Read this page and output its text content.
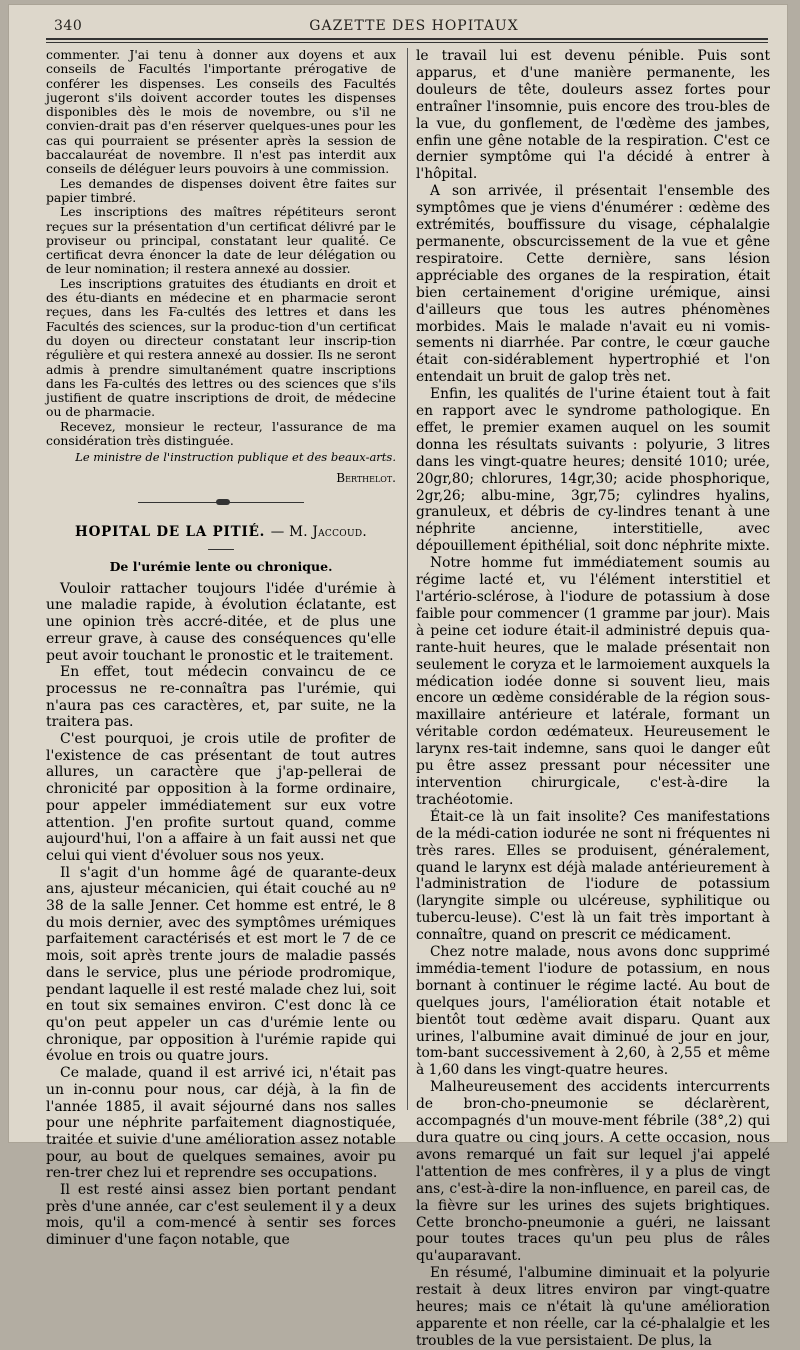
340	GAZETTE DES HOPITAUX

commenter. J'ai tenu à donner aux doyens et aux conseils de Facultés l'importante prérogative de conférer les dispenses. Les conseils des Facultés jugeront s'ils doivent accorder toutes les dispenses disponibles dès le mois de novembre, ou s'il ne convien-drait pas d'en réserver quelques-unes pour les cas qui pourraient se présenter après la session de baccalauréat de novembre. Il n'est pas interdit aux conseils de déléguer leurs pouvoirs à une commission.

Les demandes de dispenses doivent être faites sur papier timbré.

Les inscriptions des maîtres répétiteurs seront reçues sur la présentation d'un certificat délivré par le proviseur ou principal, constatant leur qualité. Ce certificat devra énoncer la date de leur délégation ou de leur nomination; il restera annexé au dossier.

Les inscriptions gratuites des étudiants en droit et des étu-diants en médecine et en pharmacie seront reçues, dans les Fa-cultés des lettres et dans les Facultés des sciences, sur la produc-tion d'un certificat du doyen ou directeur constatant leur inscrip-tion régulière et qui restera annexé au dossier. Ils ne seront admis à prendre simultanément quatre inscriptions dans les Fa-cultés des lettres ou des sciences que s'ils justifient de quatre inscriptions de droit, de médecine ou de pharmacie.

Recevez, monsieur le recteur, l'assurance de ma considération très distinguée.

Le ministre de l'instruction publique et des beaux-arts.
Berthelot.
HOPITAL DE LA PITIÉ. — M. Jaccoud.
De l'urémie lente ou chronique.

Vouloir rattacher toujours l'idée d'urémie à une maladie rapide, à évolution éclatante, est une opinion très accré-ditée, et de plus une erreur grave, à cause des conséquences qu'elle peut avoir touchant le pronostic et le traitement.

En effet, tout médecin convaincu de ce processus ne re-connaîtra pas l'urémie, qui n'aura pas ces caractères, et, par suite, ne la traitera pas.

C'est pourquoi, je crois utile de profiter de l'existence de cas présentant de tout autres allures, un caractère que j'ap-pellerai de chronicité par opposition à la forme ordinaire, pour appeler immédiatement sur eux votre attention. J'en profite surtout quand, comme aujourd'hui, l'on a affaire à un fait aussi net que celui qui vient d'évoluer sous nos yeux.

Il s'agit d'un homme âgé de quarante-deux ans, ajusteur mécanicien, qui était couché au nº 38 de la salle Jenner. Cet homme est entré, le 8 du mois dernier, avec des symptômes urémiques parfaitement caractérisés et est mort le 7 de ce mois, soit après trente jours de maladie passés dans le service, plus une période prodromique, pendant laquelle il est resté malade chez lui, soit en tout six semaines environ. C'est donc là ce qu'on peut appeler un cas d'urémie lente ou chronique, par opposition à l'urémie rapide qui évolue en trois ou quatre jours.

Ce malade, quand il est arrivé ici, n'était pas un in-connu pour nous, car déjà, à la fin de l'année 1885, il avait séjourné dans nos salles pour une néphrite parfaitement diagnostiquée, traitée et suivie d'une amélioration assez notable pour, au bout de quelques semaines, avoir pu ren-trer chez lui et reprendre ses occupations.

Il est resté ainsi assez bien portant pendant près d'une année, car c'est seulement il y a deux mois, qu'il a com-mencé à sentir ses forces diminuer d'une façon notable, que

le travail lui est devenu pénible. Puis sont apparus, et d'une manière permanente, les douleurs de tête, douleurs assez fortes pour entraîner l'insomnie, puis encore des trou-bles de la vue, du gonflement, de l'œdème des jambes, enfin une gêne notable de la respiration. C'est ce dernier symptôme qui l'a décidé à entrer à l'hôpital.

A son arrivée, il présentait l'ensemble des symptômes que je viens d'énumérer : œdème des extrémités, bouffissure du visage, céphalalgie permanente, obscurcissement de la vue et gêne respiratoire. Cette dernière, sans lésion appréciable des organes de la respiration, était bien certainement d'origine urémique, ainsi d'ailleurs que tous les autres phénomènes morbides. Mais le malade n'avait eu ni vomis-sements ni diarrhée. Par contre, le cœur gauche était con-sidérablement hypertrophié et l'on entendait un bruit de galop très net.

Enfin, les qualités de l'urine étaient tout à fait en rapport avec le syndrome pathologique. En effet, le premier examen auquel on les soumit donna les résultats suivants : polyurie, 3 litres dans les vingt-quatre heures; densité 1010; urée, 20gr,80; chlorures, 14gr,30; acide phosphorique, 2gr,26; albu-mine, 3gr,75; cylindres hyalins, granuleux, et débris de cy-lindres tenant à une néphrite ancienne, interstitielle, avec dépouillement épithélial, soit donc néphrite mixte.

Notre homme fut immédiatement soumis au régime lacté et, vu l'élément interstitiel et l'artério-sclérose, à l'iodure de potassium à dose faible pour commencer (1 gramme par jour). Mais à peine cet iodure était-il administré depuis qua-rante-huit heures, que le malade présentait non seulement le coryza et le larmoiement auxquels la médication iodée donne si souvent lieu, mais encore un œdème considérable de la région sous-maxillaire antérieure et latérale, formant un véritable cordon œdémateux. Heureusement le larynx res-tait indemne, sans quoi le danger eût pu être assez pressant pour nécessiter une intervention chirurgicale, c'est-à-dire la trachéotomie.

Était-ce là un fait insolite? Ces manifestations de la médi-cation iodurée ne sont ni fréquentes ni très rares. Elles se produisent, généralement, quand le larynx est déjà malade antérieurement à l'administration de l'iodure de potassium (laryngite simple ou ulcéreuse, syphilitique ou tubercu-leuse). C'est là un fait très important à connaître, quand on prescrit ce médicament.

Chez notre malade, nous avons donc supprimé immédia-tement l'iodure de potassium, en nous bornant à continuer le régime lacté. Au bout de quelques jours, l'amélioration était notable et bientôt tout œdème avait disparu. Quant aux urines, l'albumine avait diminué de jour en jour, tom-bant successivement à 2,60, à 2,55 et même à 1,60 dans les vingt-quatre heures.

Malheureusement des accidents intercurrents de bron-cho-pneumonie se déclarèrent, accompagnés d'un mouve-ment fébrile (38°,2) qui dura quatre ou cinq jours. A cette occasion, nous avons remarqué un fait sur lequel j'ai appelé l'attention de mes confrères, il y a plus de vingt ans, c'est-à-dire la non-influence, en pareil cas, de la fièvre sur les urines des sujets brightiques. Cette broncho-pneumonie a guéri, ne laissant pour toutes traces qu'un peu plus de râles qu'auparavant.

En résumé, l'albumine diminuait et la polyurie restait à deux litres environ par vingt-quatre heures; mais ce n'était là qu'une amélioration apparente et non réelle, car la cé-phalalgie et les troubles de la vue persistaient. De plus, la
